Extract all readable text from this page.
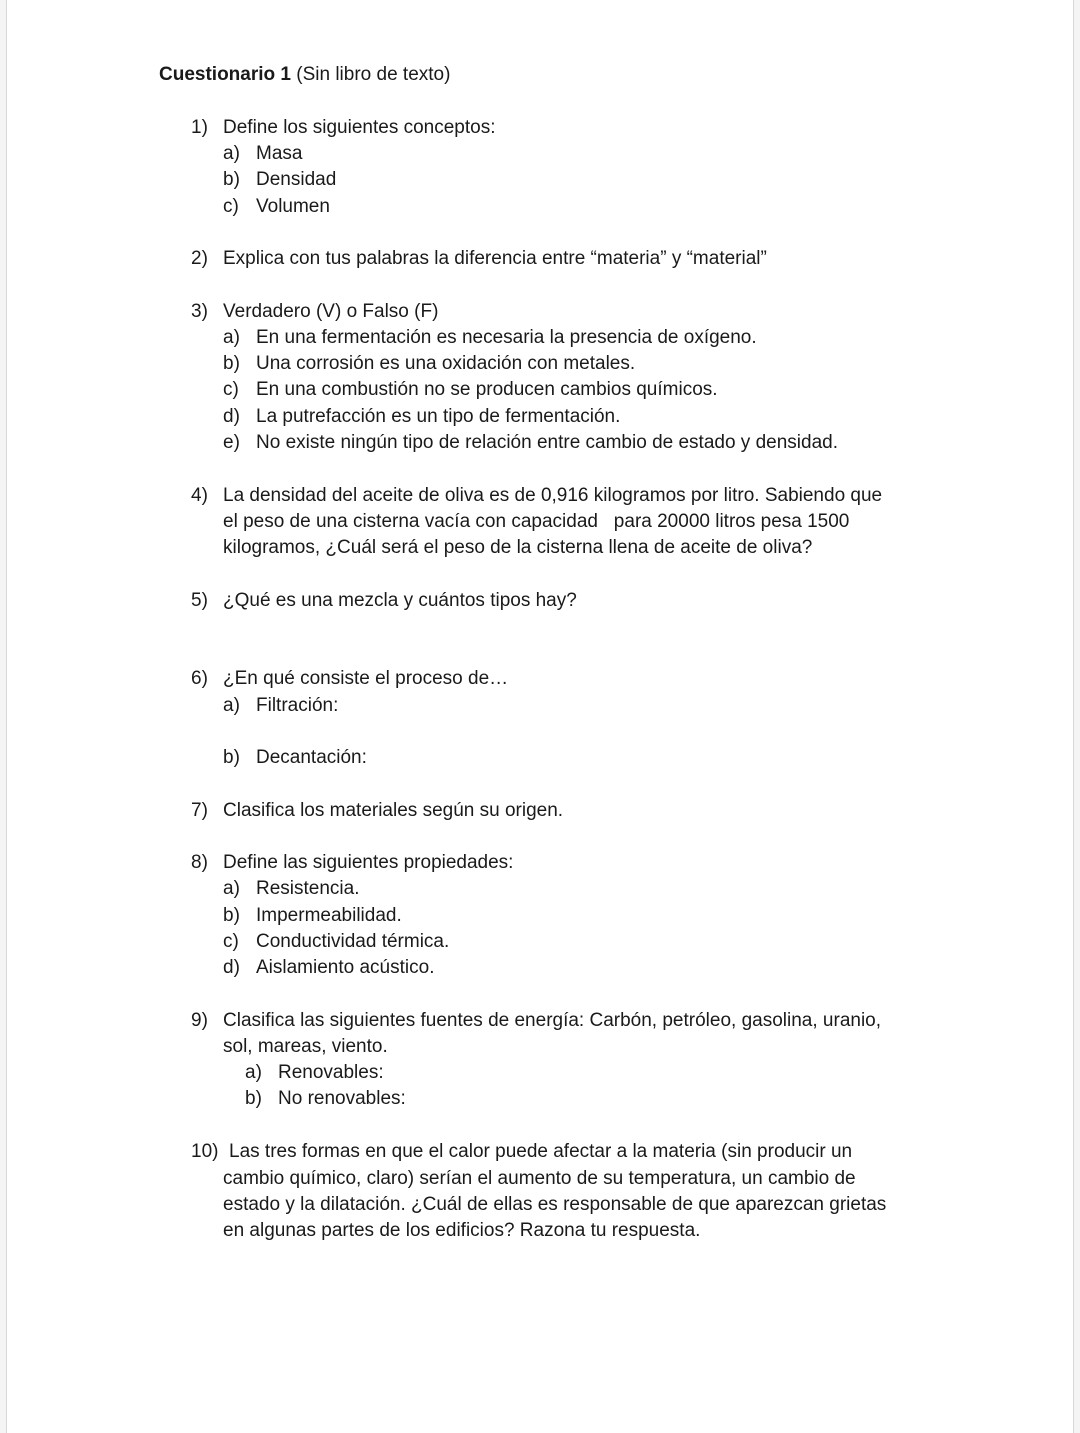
Cuestionario 1 (Sin libro de texto)
1) Define los siguientes conceptos:
a) Masa
b) Densidad
c) Volumen
2) Explica con tus palabras la diferencia entre “materia” y “material”
3) Verdadero (V) o Falso (F)
a) En una fermentación es necesaria la presencia de oxígeno.
b) Una corrosión es una oxidación con metales.
c) En una combustión no se producen cambios químicos.
d) La putrefacción es un tipo de fermentación.
e) No existe ningún tipo de relación entre cambio de estado y densidad.
4) La densidad del aceite de oliva es de 0,916 kilogramos por litro. Sabiendo que
el peso de una cisterna vacía con capacidad   para 20000 litros pesa 1500
kilogramos, ¿Cuál será el peso de la cisterna llena de aceite de oliva?
5) ¿Qué es una mezcla y cuántos tipos hay?
6) ¿En qué consiste el proceso de…
a) Filtración:
b) Decantación:
7) Clasifica los materiales según su origen.
8) Define las siguientes propiedades:
a) Resistencia.
b) Impermeabilidad.
c) Conductividad térmica.
d) Aislamiento acústico.
9) Clasifica las siguientes fuentes de energía: Carbón, petróleo, gasolina, uranio,
sol, mareas, viento.
a) Renovables:
b) No renovables:
10) Las tres formas en que el calor puede afectar a la materia (sin producir un
cambio químico, claro) serían el aumento de su temperatura, un cambio de
estado y la dilatación. ¿Cuál de ellas es responsable de que aparezcan grietas
en algunas partes de los edificios? Razona tu respuesta.
